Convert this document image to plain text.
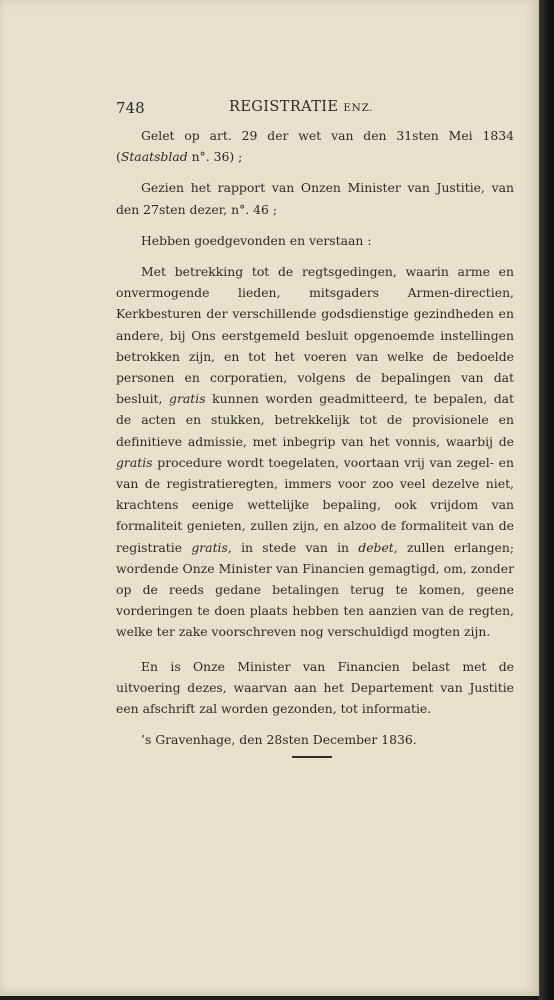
748	REGISTRATIE ENZ.

Gelet op art. 29 der wet van den 31sten Mei 1834 (Staatsblad n°. 36) ;

Gezien het rapport van Onzen Minister van Justitie, van den 27sten dezer, n°. 46 ;

Hebben goedgevonden en verstaan :

Met betrekking tot de regtsgedingen, waarin arme en onvermogende lieden, mitsgaders Armen-directien, Kerkbesturen der verschillende godsdienstige gezindheden en andere, bij Ons eerstgemeld besluit opgenoemde instellingen betrokken zijn, en tot het voeren van welke de bedoelde personen en corporatien, volgens de bepalingen van dat besluit, gratis kunnen worden geadmitteerd, te bepalen, dat de acten en stukken, betrekkelijk tot de provisionele en definitieve admissie, met inbegrip van het vonnis, waarbij de gratis procedure wordt toegelaten, voortaan vrij van zegel- en van de registratieregten, immers voor zoo veel dezelve niet, krachtens eenige wettelijke bepaling, ook vrijdom van formaliteit genieten, zullen zijn, en alzoo de formaliteit van de registratie gratis, in stede van in debet, zullen erlangen; wordende Onze Minister van Financien gemagtigd, om, zonder op de reeds gedane betalingen terug te komen, geene vorderingen te doen plaats hebben ten aanzien van de regten, welke ter zake voorschreven nog verschuldigd mogten zijn.

En is Onze Minister van Financien belast met de uitvoering dezes, waarvan aan het Departement van Justitie een afschrift zal worden gezonden, tot informatie.

’s Gravenhage, den 28sten December 1836.
